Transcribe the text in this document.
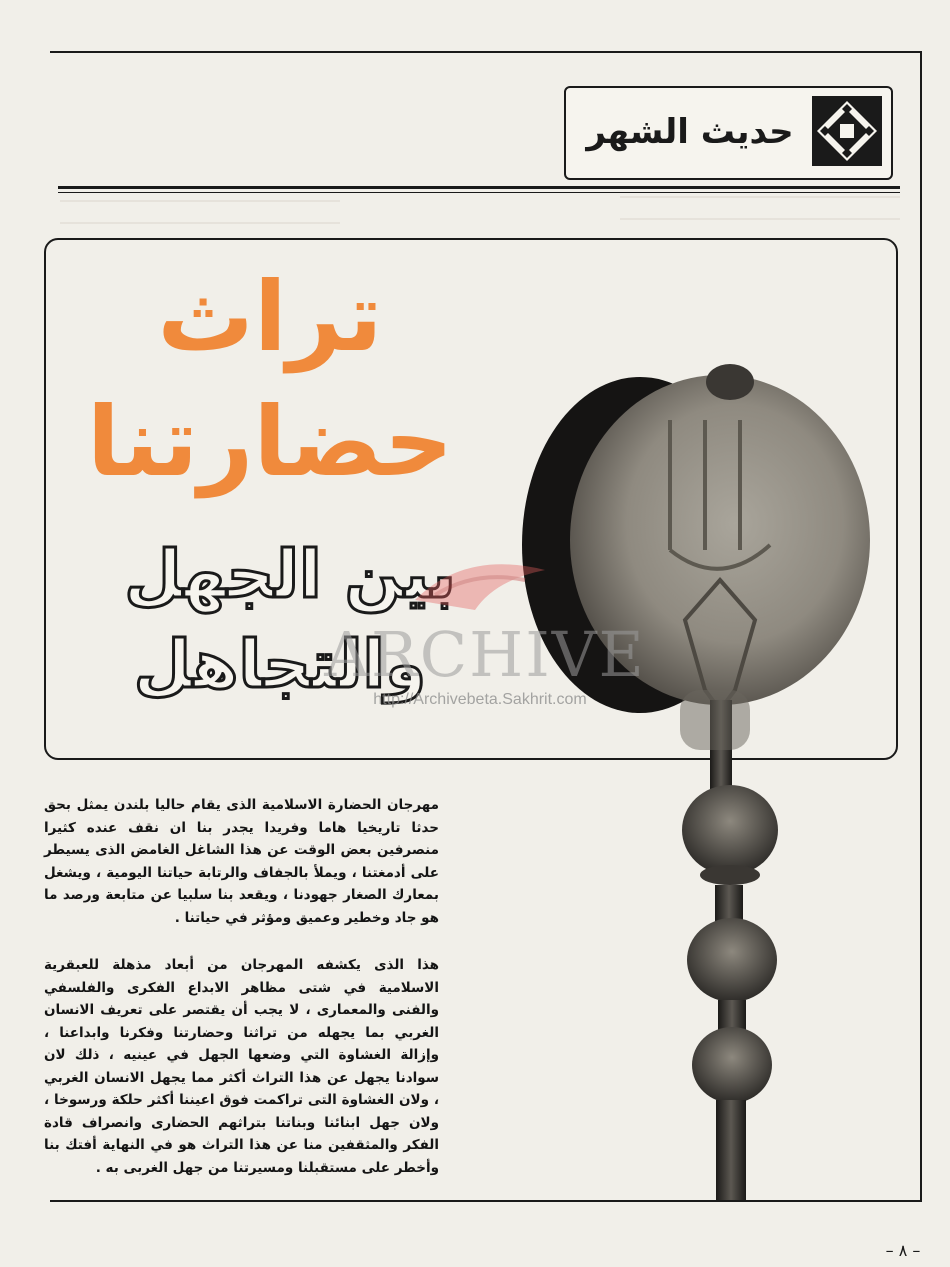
حديث الشهر
تراث
حضارتنا
بين الجهل
والتجاهل
ARCHIVE
http://Archivebeta.Sakhrit.com
مهرجان الحضارة الاسلامية الذى يقام حاليا بلندن يمثل بحق حدثا تاريخيا هاما وفريدا يجدر بنا ان نقف عنده كثيرا منصرفين بعض الوقت عن هذا الشاغل الغامض الذى يسيطر على أدمغتنا ، ويملأ بالجفاف والرتابة حياتنا اليومية ، ويشغل بمعارك الصغار جهودنا ، ويقعد بنا سلبيا عن متابعة ورصد ما هو جاد وخطير وعميق ومؤثر في حياتنا .
هذا الذى يكشفه المهرجان من أبعاد مذهلة للعبقرية الاسلامية في شتى مظاهر الابداع الفكرى والفلسفي والفنى والمعمارى ، لا يجب أن يقتصر على تعريف الانسان الغربي بما يجهله من تراثنا وحضارتنا وفكرنا وابداعنا ، وإزالة الغشاوة التي وضعها الجهل في عينيه ، ذلك لان سوادنا يجهل عن هذا التراث أكثر مما يجهل الانسان الغربي ، ولان الغشاوة التى تراكمت فوق اعيننا أكثر حلكة ورسوخا ، ولان جهل ابنائنا وبناتنا بتراثهم الحضارى وانصراف قادة الفكر والمثقفين منا عن هذا التراث هو في النهاية أفتك بنا وأخطر على مستقبلنا ومسيرتنا من جهل الغربى به .
– ٨ –
